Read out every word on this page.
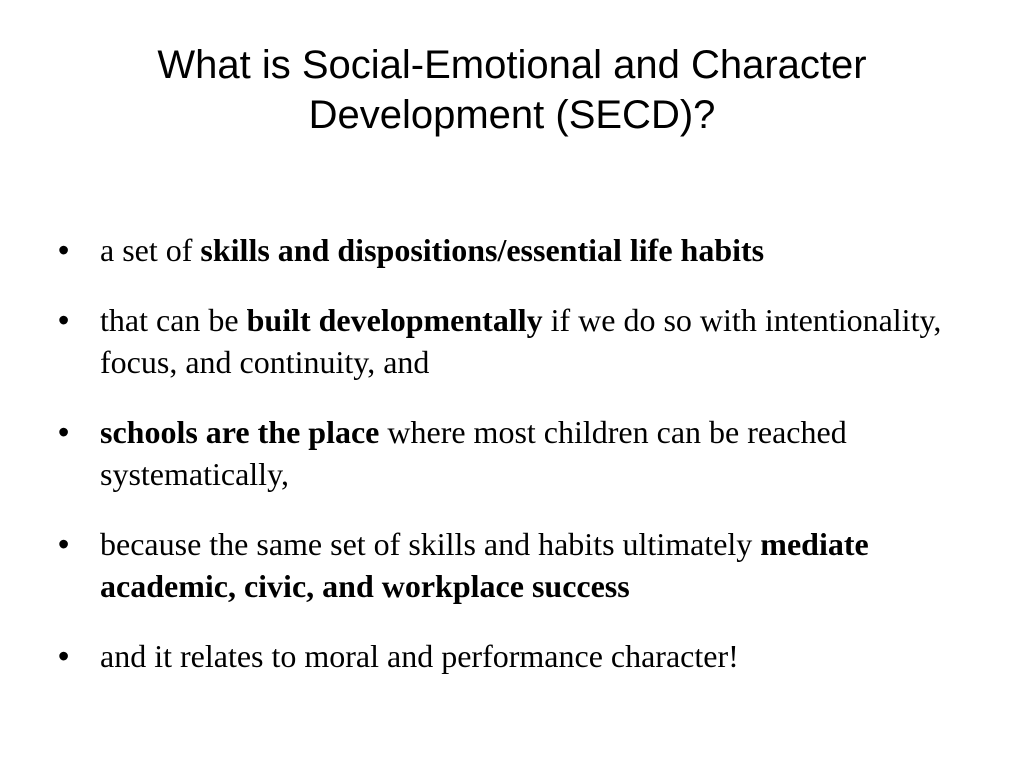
What is Social-Emotional and Character
Development (SECD)?
• a set of skills and dispositions/essential life habits
• that can be built developmentally if we do so with intentionality, focus, and continuity, and
• schools are the place where most children can be reached systematically,
• because the same set of skills and habits ultimately mediate academic, civic, and workplace success
• and it relates to moral and performance character!
